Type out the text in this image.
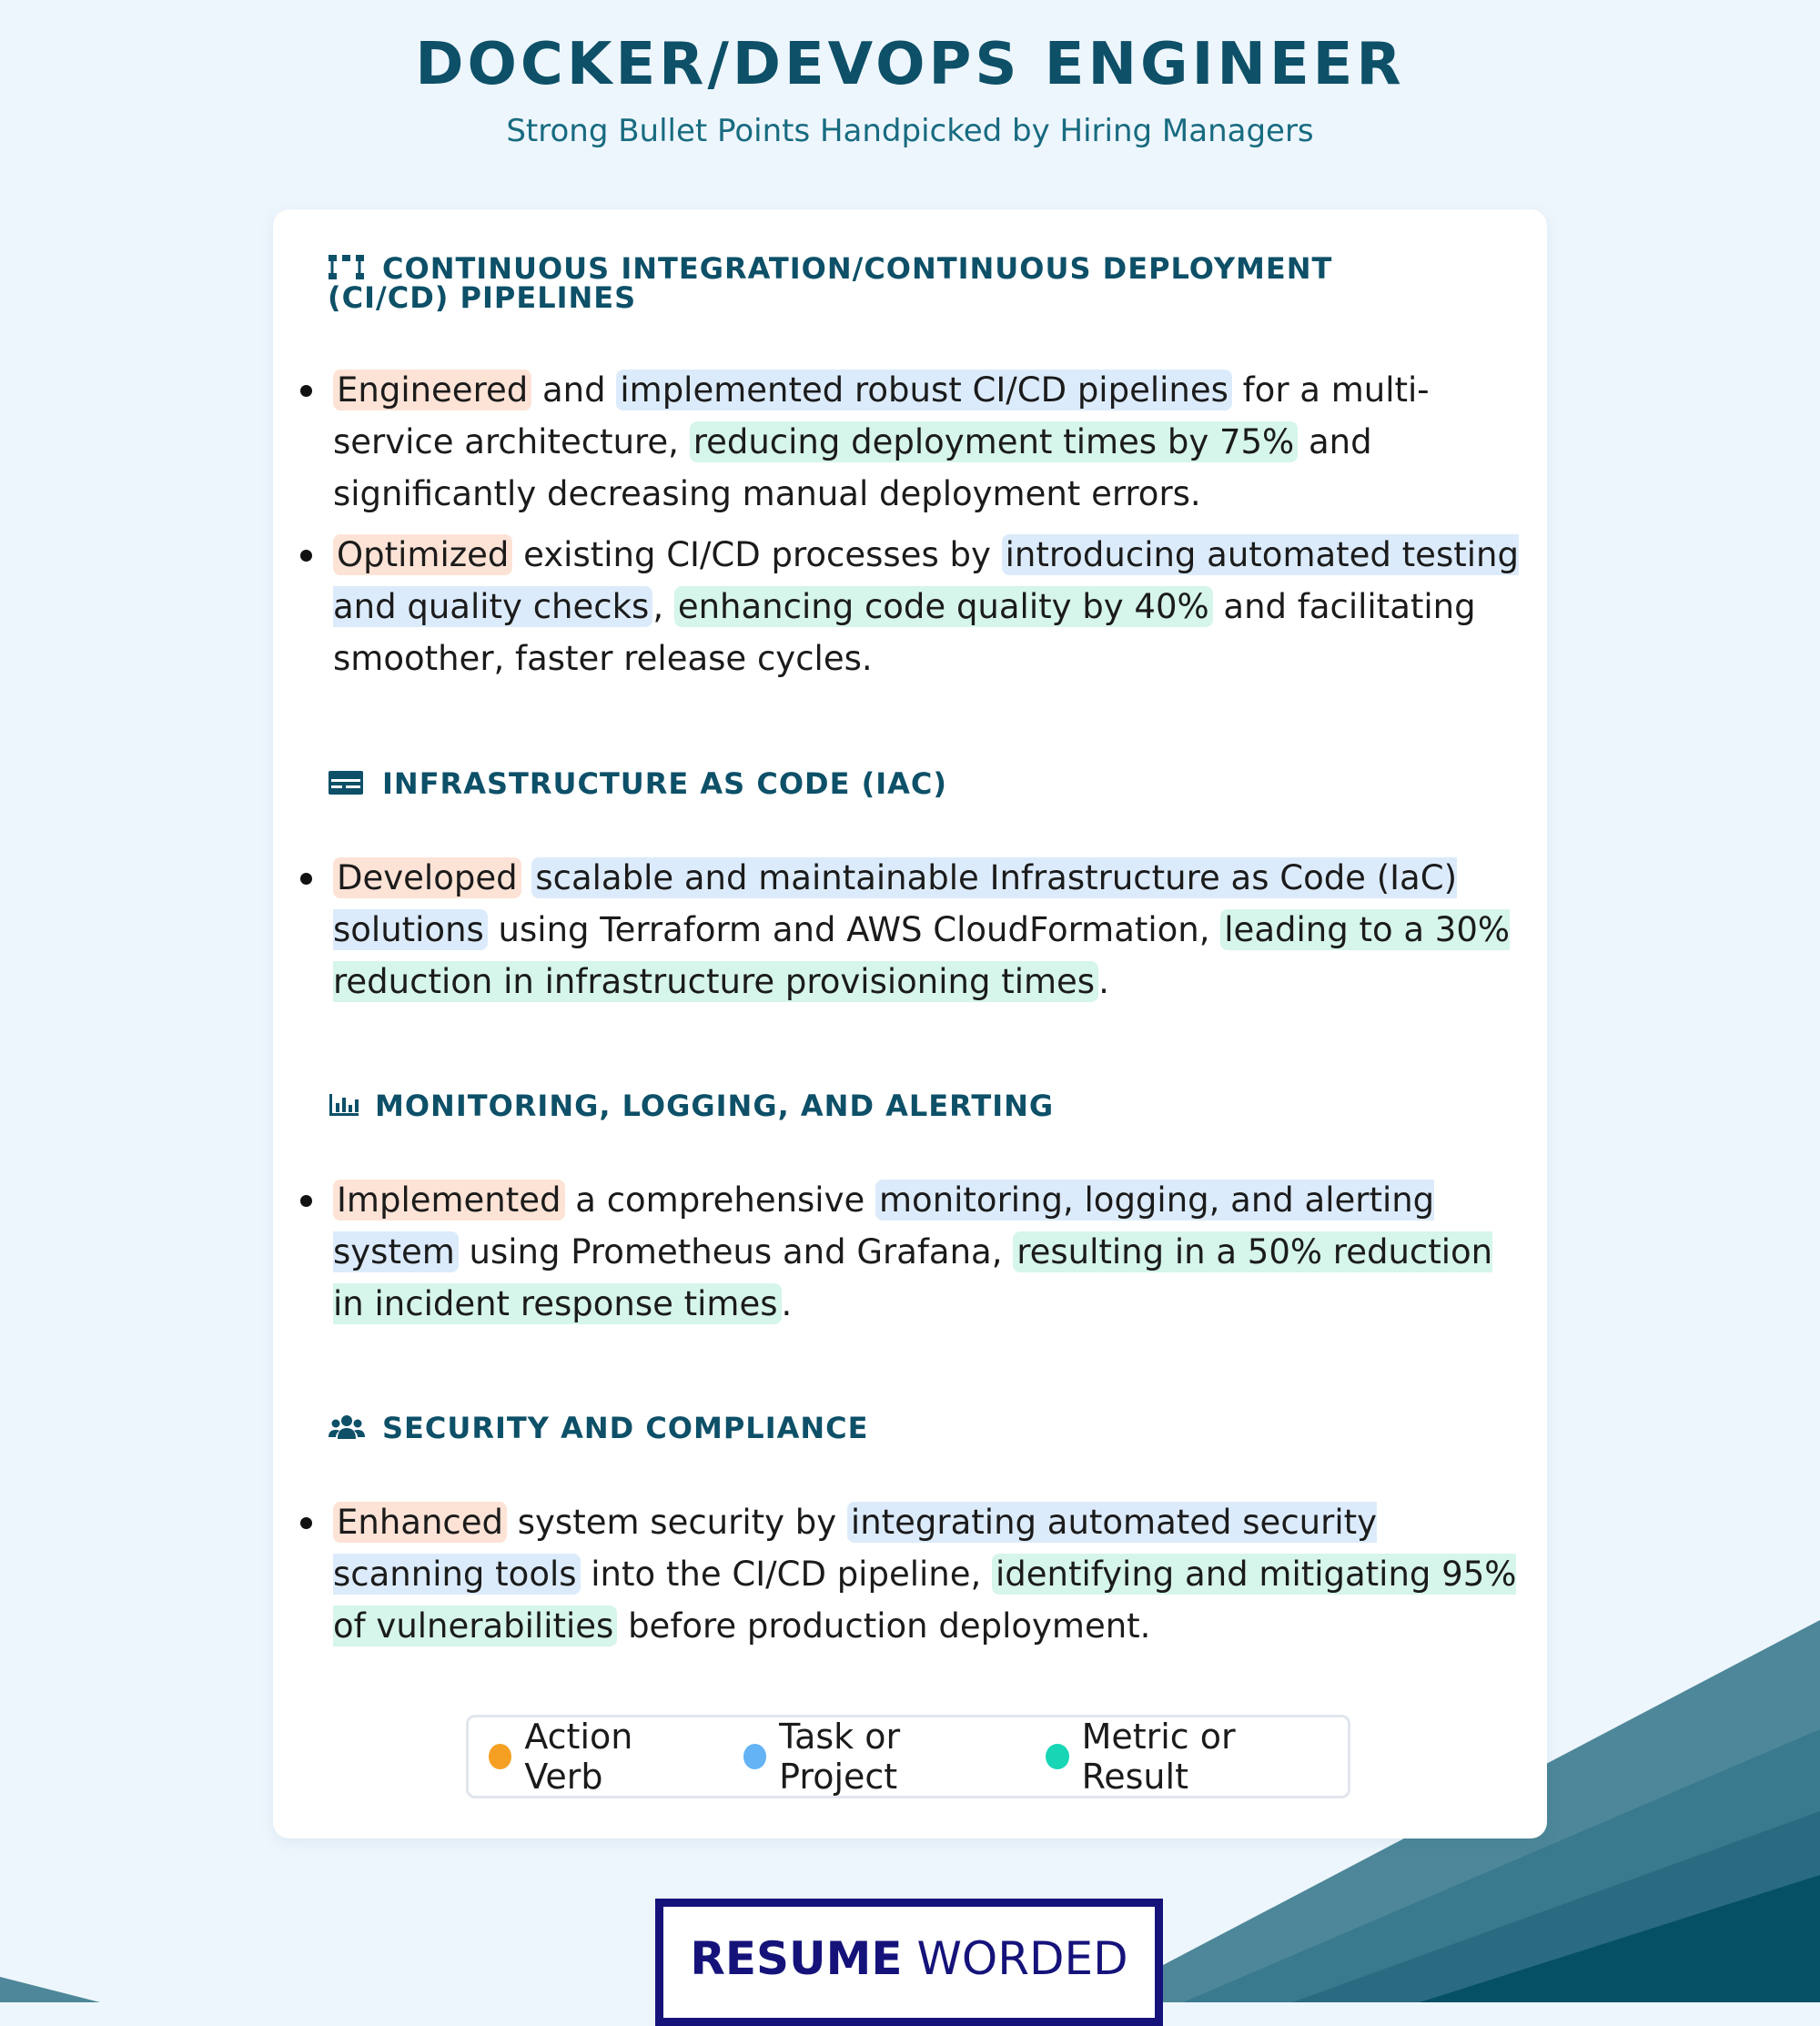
DOCKER/DEVOPS ENGINEER

Strong Bullet Points Handpicked by Hiring Managers

CONTINUOUS INTEGRATION/CONTINUOUS DEPLOYMENT (CI/CD) PIPELINES
Engineered and implemented robust CI/CD pipelines for a multi-service architecture, reducing deployment times by 75% and significantly decreasing manual deployment errors.
Optimized existing CI/CD processes by introducing automated testing and quality checks , enhancing code quality by 40% and facilitating smoother, faster release cycles.
INFRASTRUCTURE AS CODE (IAC)
Developed scalable and maintainable Infrastructure as Code (IaC) solutions using Terraform and AWS CloudFormation, leading to a 30% reduction in infrastructure provisioning times .
MONITORING, LOGGING, AND ALERTING
Implemented a comprehensive monitoring, logging, and alerting system using Prometheus and Grafana, resulting in a 50% reduction in incident response times .
SECURITY AND COMPLIANCE
Enhanced system security by integrating automated security scanning tools into the CI/CD pipeline, identifying and mitigating 95% of vulnerabilities before production deployment.
Action Verb
Task or Project
Metric or Result
RESUME WORDED
